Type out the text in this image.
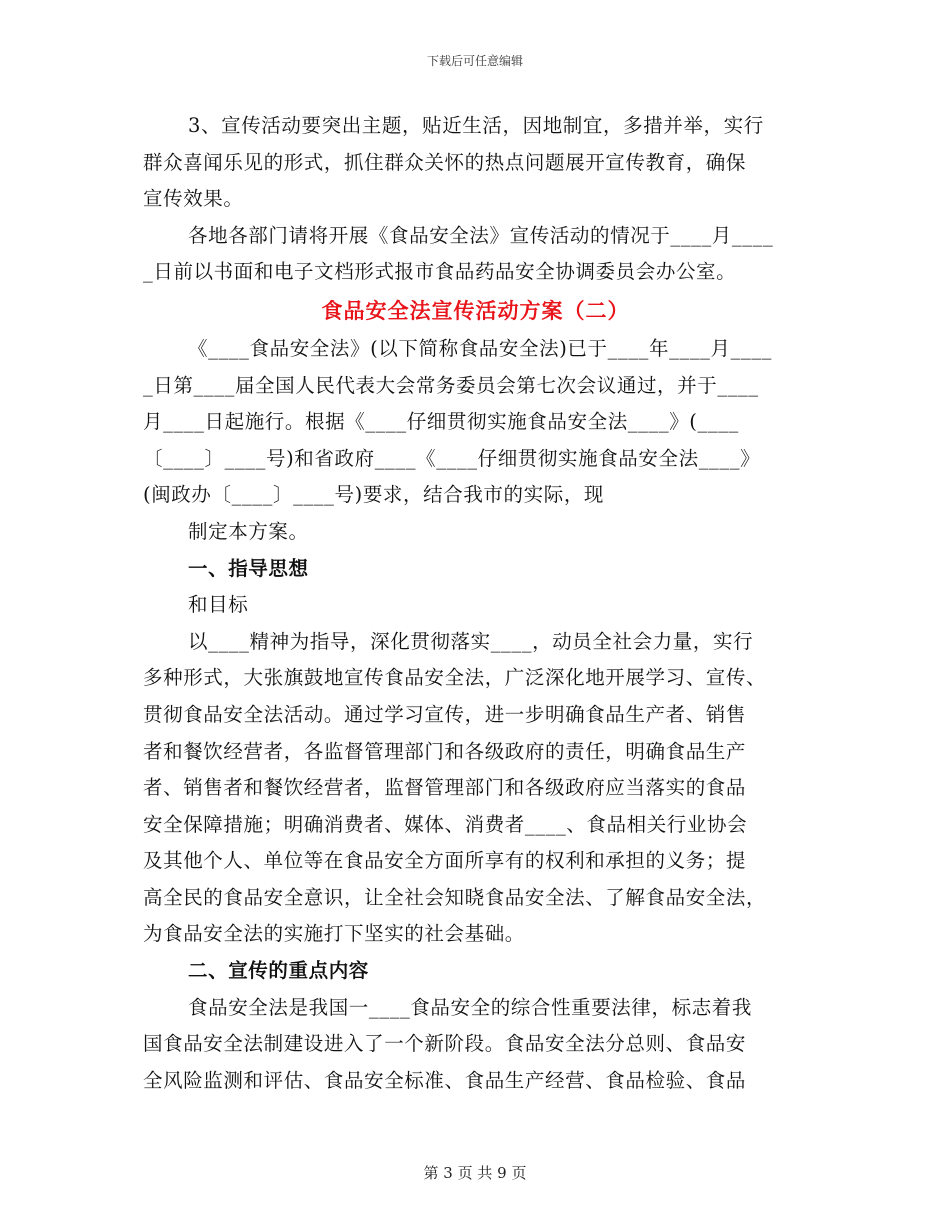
下载后可任意编辑
3、宣传活动要突出主题，贴近生活，因地制宜，多措并举，实行
群众喜闻乐见的形式，抓住群众关怀的热点问题展开宣传教育，确保
宣传效果。
各地各部门请将开展《食品安全法》宣传活动的情况于____月____
_日前以书面和电子文档形式报市食品药品安全协调委员会办公室。
食品安全法宣传活动方案（二）
《____食品安全法》(以下简称食品安全法)已于____年____月____
_日第____届全国人民代表大会常务委员会第七次会议通过，并于____
月____日起施行。根据《____仔细贯彻实施食品安全法____》(____
〔____〕____号)和省政府____《____仔细贯彻实施食品安全法____》
(闽政办〔____〕____号)要求，结合我市的实际，现
制定本方案。
一、指导思想
和目标
以____精神为指导，深化贯彻落实____，动员全社会力量，实行
多种形式，大张旗鼓地宣传食品安全法，广泛深化地开展学习、宣传、
贯彻食品安全法活动。通过学习宣传，进一步明确食品生产者、销售
者和餐饮经营者，各监督管理部门和各级政府的责任，明确食品生产
者、销售者和餐饮经营者，监督管理部门和各级政府应当落实的食品
安全保障措施；明确消费者、媒体、消费者____、食品相关行业协会
及其他个人、单位等在食品安全方面所享有的权利和承担的义务；提
高全民的食品安全意识，让全社会知晓食品安全法、了解食品安全法，
为食品安全法的实施打下坚实的社会基础。
二、宣传的重点内容
食品安全法是我国一____食品安全的综合性重要法律，标志着我
国食品安全法制建设进入了一个新阶段。食品安全法分总则、食品安
全风险监测和评估、食品安全标准、食品生产经营、食品检验、食品
第 3 页 共 9 页
